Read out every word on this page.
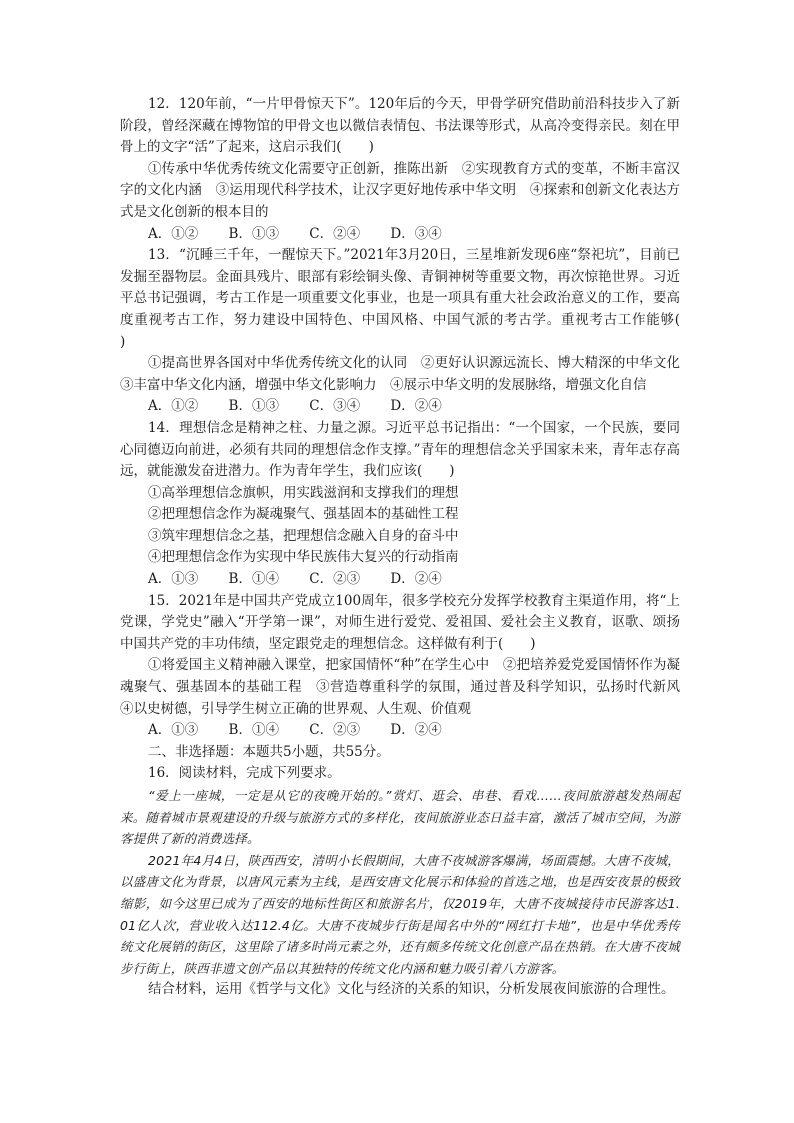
12．120年前，“一片甲骨惊天下”。120年后的今天，甲骨学研究借助前沿科技步入了新阶段，曾经深藏在博物馆的甲骨文也以微信表情包、书法课等形式，从高冷变得亲民。刻在甲骨上的文字“活”了起来，这启示我们(　　)

①传承中华优秀传统文化需要守正创新，推陈出新　②实现教育方式的变革，不断丰富汉字的文化内涵　③运用现代科学技术，让汉字更好地传承中华文明　④探索和创新文化表达方式是文化创新的根本目的

A．①② B．①③ C．②④ D．③④

13．“沉睡三千年，一醒惊天下。”2021年3月20日，三星堆新发现6座“祭祀坑”，目前已发掘至器物层。金面具残片、眼部有彩绘铜头像、青铜神树等重要文物，再次惊艳世界。习近平总书记强调，考古工作是一项重要文化事业，也是一项具有重大社会政治意义的工作，要高度重视考古工作，努力建设中国特色、中国风格、中国气派的考古学。重视考古工作能够(　　)

①提高世界各国对中华优秀传统文化的认同　②更好认识源远流长、博大精深的中华文化　③丰富中华文化内涵，增强中华文化影响力　④展示中华文明的发展脉络，增强文化自信

A．①② B．①③ C．③④ D．②④

14．理想信念是精神之柱、力量之源。习近平总书记指出：“一个国家，一个民族，要同心同德迈向前进，必须有共同的理想信念作支撑。”青年的理想信念关乎国家未来，青年志存高远，就能激发奋进潜力。作为青年学生，我们应该(　　)

①高举理想信念旗帜，用实践滋润和支撑我们的理想

②把理想信念作为凝魂聚气、强基固本的基础性工程

③筑牢理想信念之基，把理想信念融入自身的奋斗中

④把理想信念作为实现中华民族伟大复兴的行动指南

A．①③ B．①④ C．②③ D．②④

15．2021年是中国共产党成立100周年，很多学校充分发挥学校教育主渠道作用，将“上党课，学党史”融入“开学第一课”，对师生进行爱党、爱祖国、爱社会主义教育，讴歌、颂扬中国共产党的丰功伟绩，坚定跟党走的理想信念。这样做有利于(　　)

①将爱国主义精神融入课堂，把家国情怀“种”在学生心中　②把培养爱党爱国情怀作为凝魂聚气、强基固本的基础工程　③营造尊重科学的氛围，通过普及科学知识，弘扬时代新风　④以史树德，引导学生树立正确的世界观、人生观、价值观

A．①③ B．①④ C．②③ D．②④

二、非选择题：本题共5小题，共55分。

16．阅读材料，完成下列要求。

“爱上一座城，一定是从它的夜晚开始的。”赏灯、逛会、串巷、看戏……夜间旅游越发热闹起来。随着城市景观建设的升级与旅游方式的多样化，夜间旅游业态日益丰富，激活了城市空间，为游客提供了新的消费选择。

2021年4月4日，陕西西安，清明小长假期间，大唐不夜城游客爆满，场面震撼。大唐不夜城，以盛唐文化为背景，以唐风元素为主线，是西安唐文化展示和体验的首选之地，也是西安夜景的极致缩影，如今这里已成为了西安的地标性街区和旅游名片，仅2019年，大唐不夜城接待市民游客达1.01亿人次，营业收入达112.4亿。大唐不夜城步行街是闻名中外的“网红打卡地”，也是中华优秀传统文化展销的街区，这里除了诸多时尚元素之外，还有颇多传统文化创意产品在热销。在大唐不夜城步行街上，陕西非遗文创产品以其独特的传统文化内涵和魅力吸引着八方游客。

结合材料，运用《哲学与文化》文化与经济的关系的知识，分析发展夜间旅游的合理性。
